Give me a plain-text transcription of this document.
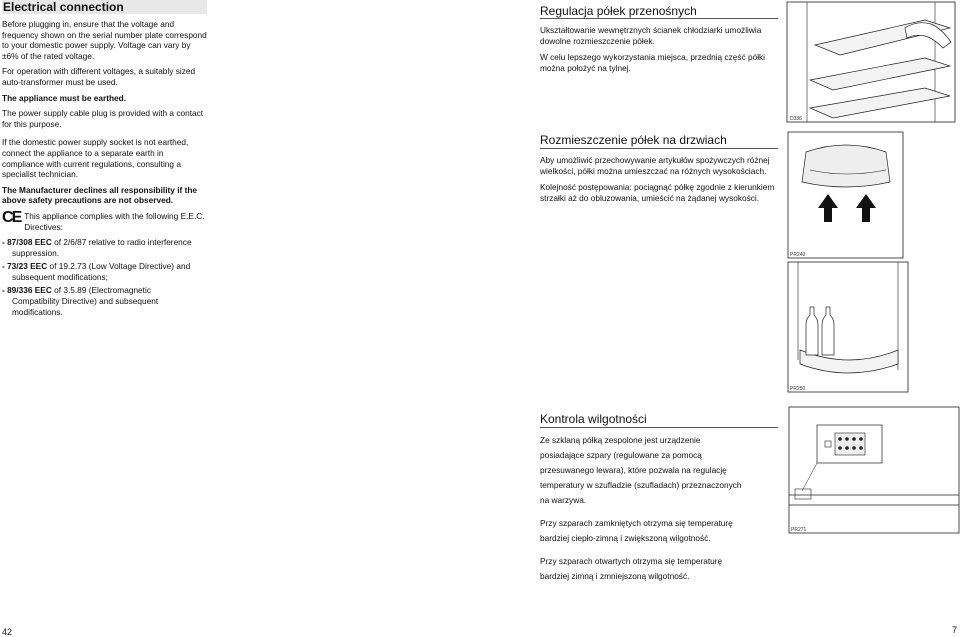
Electrical connection

Before plugging in, ensure that the voltage and frequency shown on the serial number plate correspond to your domestic power supply. Voltage can vary by ±6% of the rated voltage.

For operation with different voltages, a suitably sized auto-transformer must be used.

The appliance must be earthed.

The power supply cable plug is provided with a contact for this purpose.

If the domestic power supply socket is not earthed, connect the appliance to a separate earth in compliance with current regulations, consulting a specialist technician.

The Manufacturer declines all responsibility if the above safety precautions are not observed.

CE This appliance complies with the following E.E.C. Directives:
- 87/308 EEC of 2/6/87 relative to radio interference
suppression.
- 73/23 EEC of 19.2.73 (Low Voltage Directive) and
subsequent modifications;
- 89/336 EEC of 3.5.89 (Electromagnetic
Compatibility Directive) and subsequent modifications.
42
Regulacja półek przenośnych

Ukształtowanie wewnętrznych ścianek chłodziarki umożliwia dowolne rozmieszczenie półek.

W celu lepszego wykorzystania miejsca, przednią część półki można położyć na tylnej.

D336
Rozmieszczenie półek na drzwiach

Aby umożliwić przechowywanie artykułów spożywczych różnej wielkości, półki można umieszczać na różnych wysokościach.

Kolejność postępowania: pociągnąć półkę zgodnie z kierunkiem strzałki aż do obluzowania, umieścić na żądanej wysokości.

PR249
PR250
Kontrola wilgotności

Ze szklaną półką zespolone jest urządzenie posiadające szpary (regulowane za pomocą przesuwanego lewara), które pozwala na regulację temperatury w szufladzie (szufladach) przeznaczonych na warzywa.

Przy szparach zamkniętych otrzyma się temperaturę bardziej ciepło-zimną i zwiększoną wilgotność.

Przy szparach otwartych otrzyma się temperaturę bardziej zimną i zmniejszoną wilgotność.

PR271
7
